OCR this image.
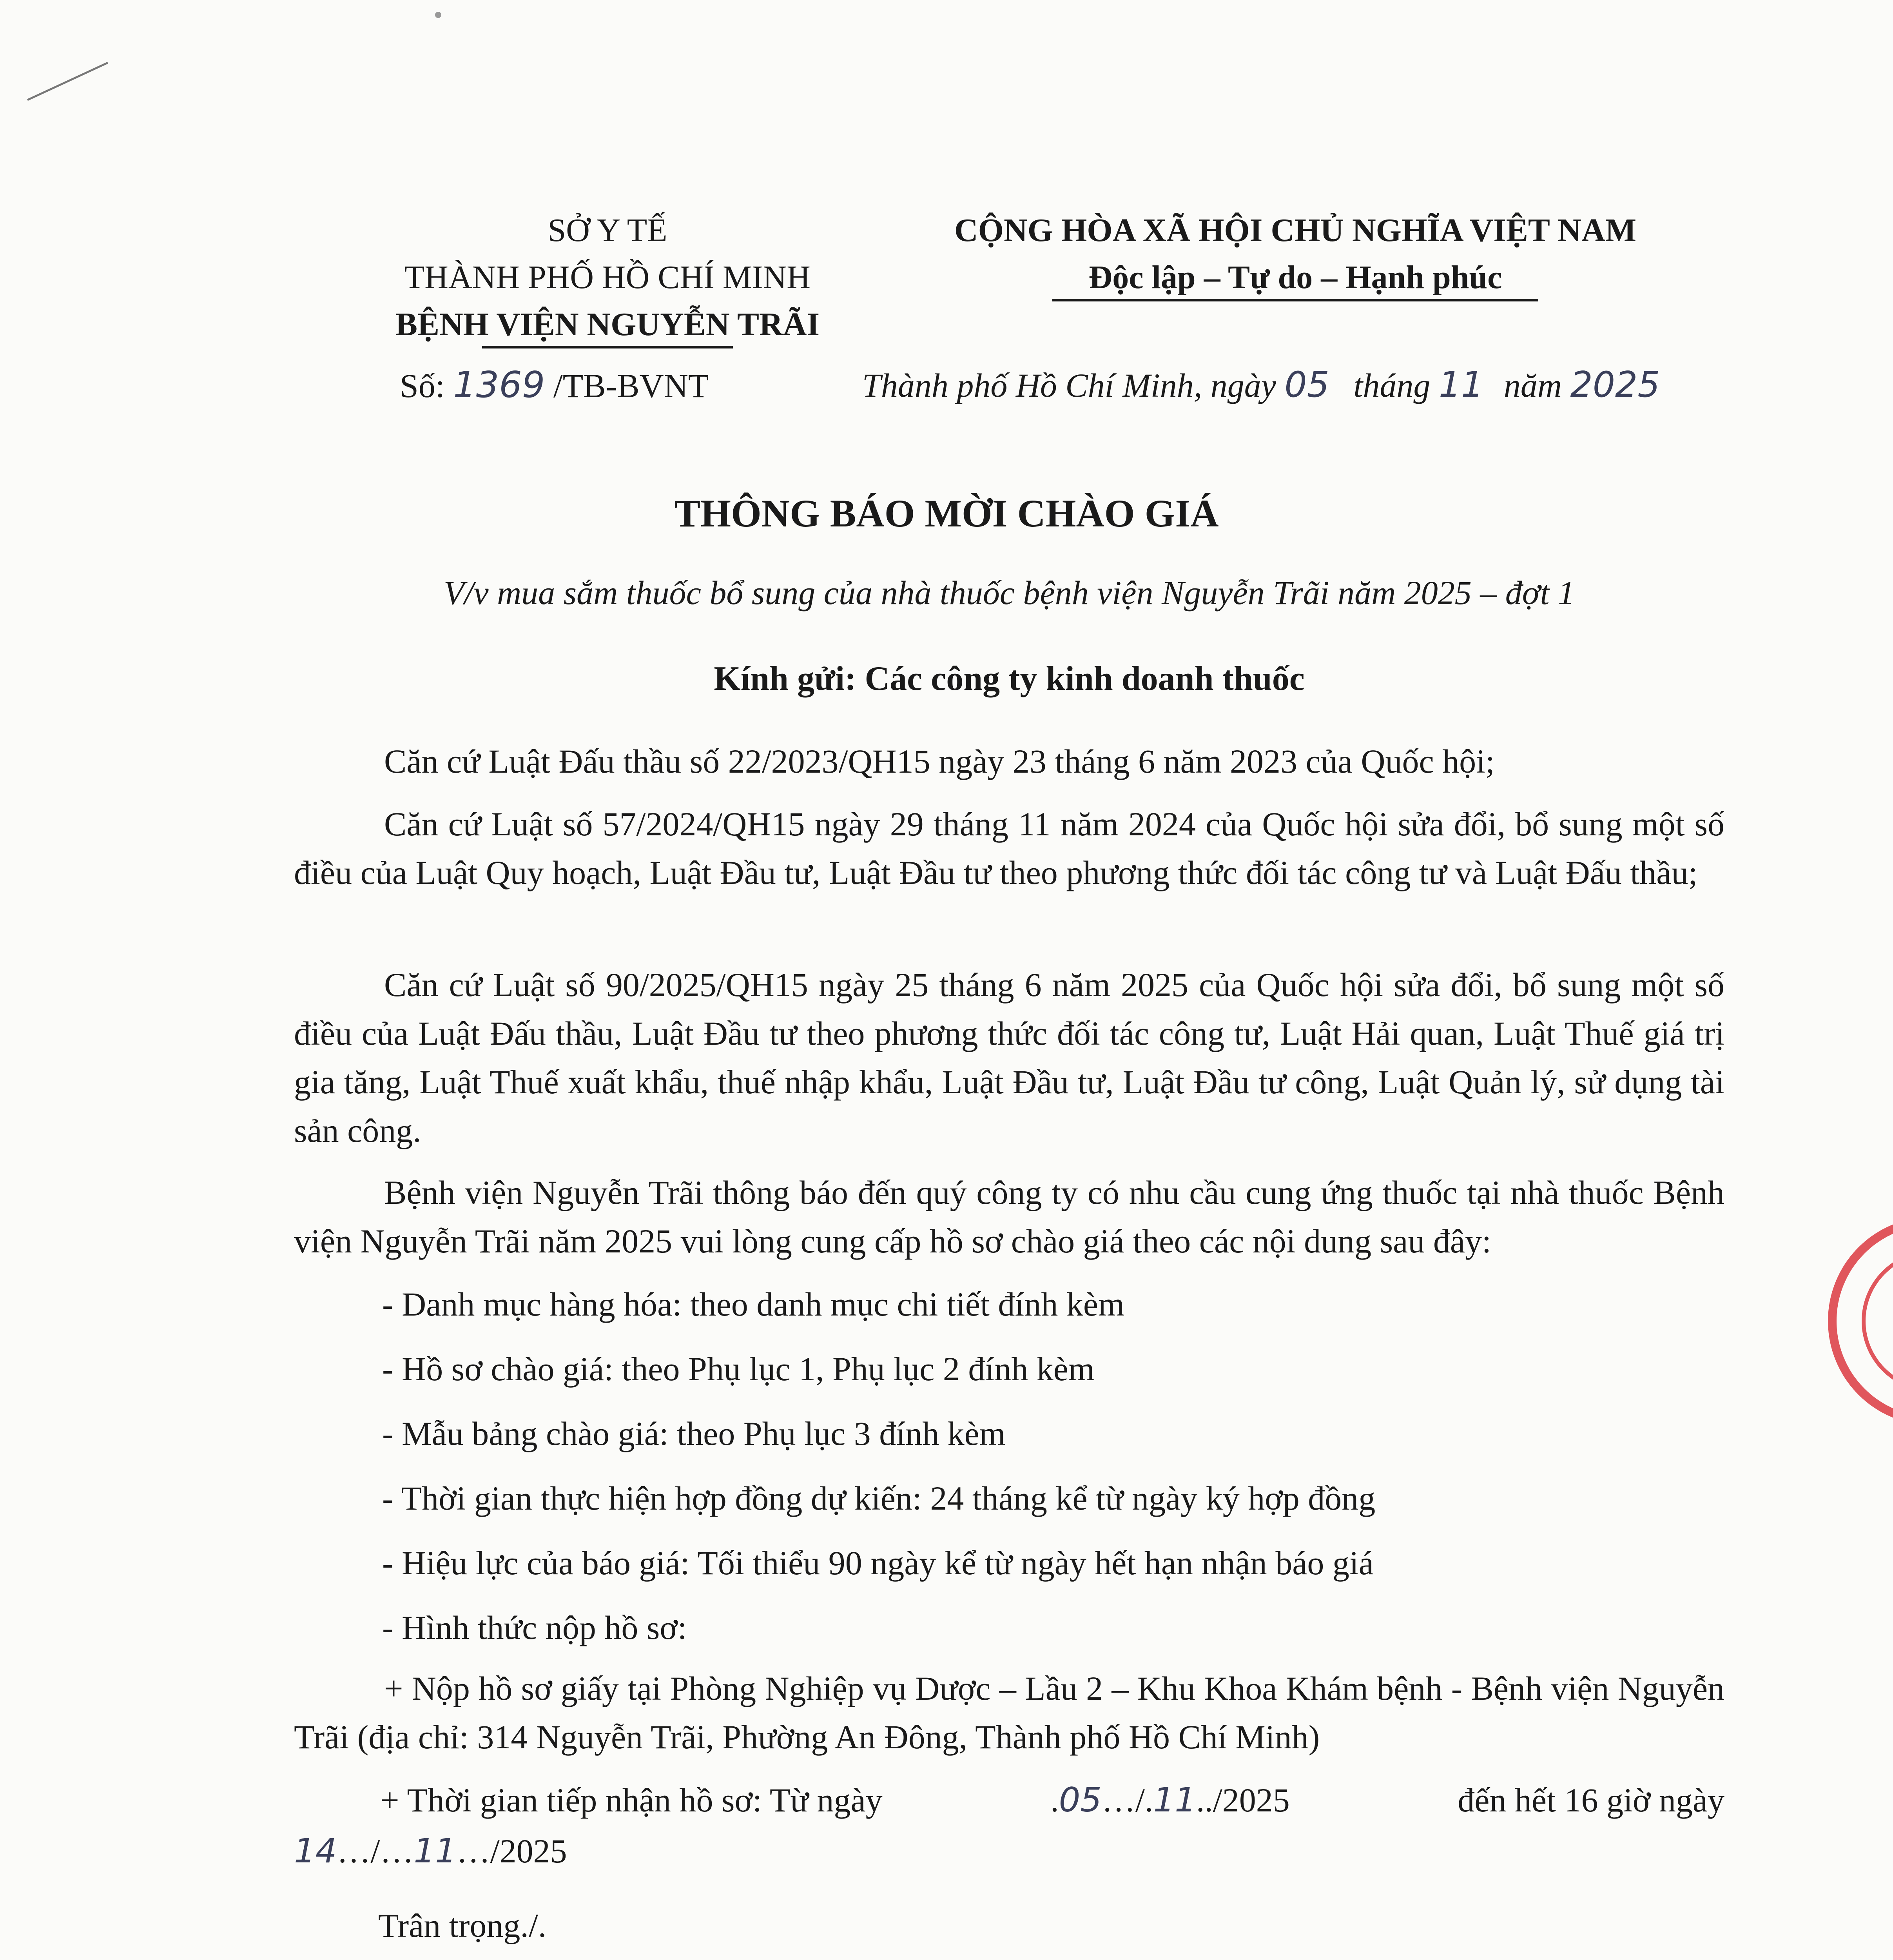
SỞ Y TẾ
THÀNH PHỐ HỒ CHÍ MINH
BỆNH VIỆN NGUYỄN TRÃI
Số: 1369 /TB-BVNT
CỘNG HÒA XÃ HỘI CHỦ NGHĨA VIỆT NAM
Độc lập – Tự do – Hạnh phúc
Thành phố Hồ Chí Minh, ngày 05 tháng 11 năm 2025
THÔNG BÁO MỜI CHÀO GIÁ
V/v mua sắm thuốc bổ sung của nhà thuốc bệnh viện Nguyễn Trãi năm 2025 – đợt 1
Kính gửi: Các công ty kinh doanh thuốc
Căn cứ Luật Đấu thầu số 22/2023/QH15 ngày 23 tháng 6 năm 2023 của Quốc hội;
Căn cứ Luật số 57/2024/QH15 ngày 29 tháng 11 năm 2024 của Quốc hội sửa đổi, bổ sung một số điều của Luật Quy hoạch, Luật Đầu tư, Luật Đầu tư theo phương thức đối tác công tư và Luật Đấu thầu;
Căn cứ Luật số 90/2025/QH15 ngày 25 tháng 6 năm 2025 của Quốc hội sửa đổi, bổ sung một số điều của Luật Đấu thầu, Luật Đầu tư theo phương thức đối tác công tư, Luật Hải quan, Luật Thuế giá trị gia tăng, Luật Thuế xuất khẩu, thuế nhập khẩu, Luật Đầu tư, Luật Đầu tư công, Luật Quản lý, sử dụng tài sản công.
Bệnh viện Nguyễn Trãi thông báo đến quý công ty có nhu cầu cung ứng thuốc tại nhà thuốc Bệnh viện Nguyễn Trãi năm 2025 vui lòng cung cấp hồ sơ chào giá theo các nội dung sau đây:
- Danh mục hàng hóa: theo danh mục chi tiết đính kèm
- Hồ sơ chào giá: theo Phụ lục 1, Phụ lục 2 đính kèm
- Mẫu bảng chào giá: theo Phụ lục 3 đính kèm
- Thời gian thực hiện hợp đồng dự kiến: 24 tháng kể từ ngày ký hợp đồng
- Hiệu lực của báo giá: Tối thiểu 90 ngày kể từ ngày hết hạn nhận báo giá
- Hình thức nộp hồ sơ:
+ Nộp hồ sơ giấy tại Phòng Nghiệp vụ Dược – Lầu 2 – Khu Khoa Khám bệnh - Bệnh viện Nguyễn Trãi (địa chỉ: 314 Nguyễn Trãi, Phường An Đông, Thành phố Hồ Chí Minh)
+ Thời gian tiếp nhận hồ sơ: Từ ngày	.05…/.11../2025	đến hết 16 giờ ngày
14…/…11…/2025
Trân trọng./.
